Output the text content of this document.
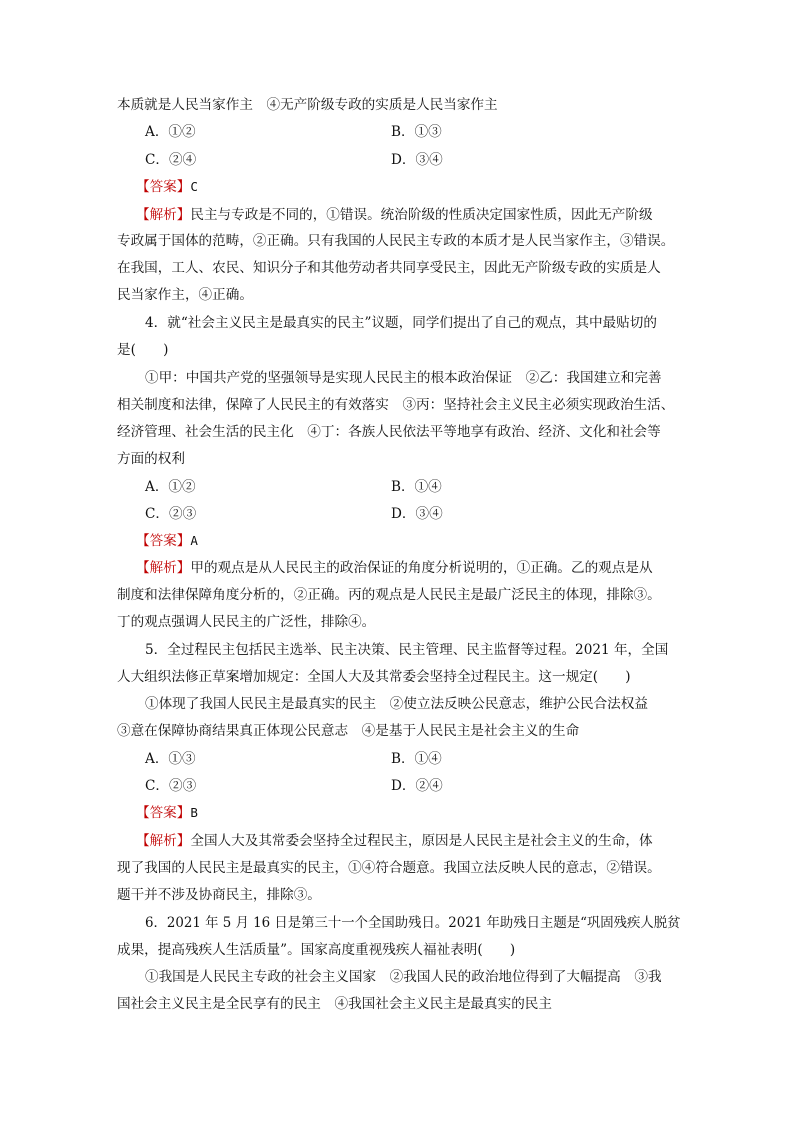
本质就是人民当家作主　④无产阶级专政的实质是人民当家作主
A．①②	B．①③
C．②④	D．③④
【答案】C
【解析】民主与专政是不同的，①错误。统治阶级的性质决定国家性质，因此无产阶级
专政属于国体的范畴，②正确。只有我国的人民民主专政的本质才是人民当家作主，③错误。
在我国，工人、农民、知识分子和其他劳动者共同享受民主，因此无产阶级专政的实质是人
民当家作主，④正确。
4．就“社会主义民主是最真实的民主”议题，同学们提出了自己的观点，其中最贴切的
是(　　)
①甲：中国共产党的坚强领导是实现人民民主的根本政治保证　②乙：我国建立和完善
相关制度和法律，保障了人民民主的有效落实　③丙：坚持社会主义民主必须实现政治生活、
经济管理、社会生活的民主化　④丁：各族人民依法平等地享有政治、经济、文化和社会等
方面的权利
A．①②	B．①④
C．②③	D．③④
【答案】A
【解析】甲的观点是从人民民主的政治保证的角度分析说明的，①正确。乙的观点是从
制度和法律保障角度分析的，②正确。丙的观点是人民民主是最广泛民主的体现，排除③。
丁的观点强调人民民主的广泛性，排除④。
5．全过程民主包括民主选举、民主决策、民主管理、民主监督等过程。2021 年，全国
人大组织法修正草案增加规定：全国人大及其常委会坚持全过程民主。这一规定(　　)
①体现了我国人民民主是最真实的民主　②使立法反映公民意志，维护公民合法权益
③意在保障协商结果真正体现公民意志　④是基于人民民主是社会主义的生命
A．①③	B．①④
C．②③	D．②④
【答案】B
【解析】全国人大及其常委会坚持全过程民主，原因是人民民主是社会主义的生命，体
现了我国的人民民主是最真实的民主，①④符合题意。我国立法反映人民的意志，②错误。
题干并不涉及协商民主，排除③。
6．2021 年 5 月 16 日是第三十一个全国助残日。2021 年助残日主题是“巩固残疾人脱贫
成果，提高残疾人生活质量”。国家高度重视残疾人福祉表明(　　)
①我国是人民民主专政的社会主义国家　②我国人民的政治地位得到了大幅提高　③我
国社会主义民主是全民享有的民主　④我国社会主义民主是最真实的民主
